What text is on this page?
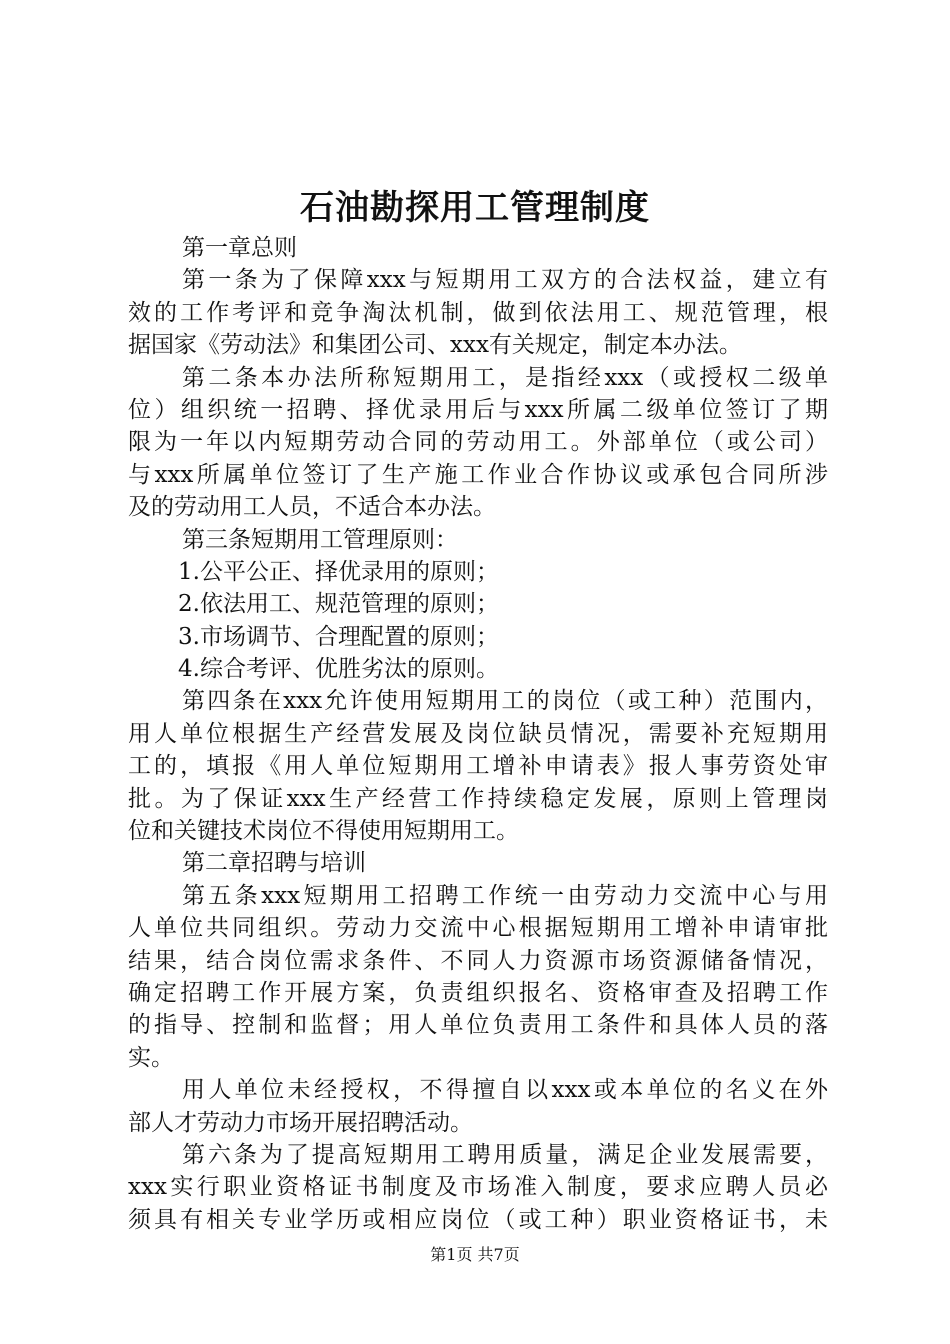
石油勘探用工管理制度
第一章总则
第一条为了保障xxx与短期用工双方的合法权益，建立有
效的工作考评和竞争淘汰机制，做到依法用工、规范管理，根
据国家《劳动法》和集团公司、xxx有关规定，制定本办法。
第二条本办法所称短期用工，是指经xxx（或授权二级单
位）组织统一招聘、择优录用后与xxx所属二级单位签订了期
限为一年以内短期劳动合同的劳动用工。外部单位（或公司）
与xxx所属单位签订了生产施工作业合作协议或承包合同所涉
及的劳动用工人员，不适合本办法。
第三条短期用工管理原则：
1.公平公正、择优录用的原则；
2.依法用工、规范管理的原则；
3.市场调节、合理配置的原则；
4.综合考评、优胜劣汰的原则。
第四条在xxx允许使用短期用工的岗位（或工种）范围内，
用人单位根据生产经营发展及岗位缺员情况，需要补充短期用
工的，填报《用人单位短期用工增补申请表》报人事劳资处审
批。为了保证xxx生产经营工作持续稳定发展，原则上管理岗
位和关键技术岗位不得使用短期用工。
第二章招聘与培训
第五条xxx短期用工招聘工作统一由劳动力交流中心与用
人单位共同组织。劳动力交流中心根据短期用工增补申请审批
结果，结合岗位需求条件、不同人力资源市场资源储备情况，
确定招聘工作开展方案，负责组织报名、资格审查及招聘工作
的指导、控制和监督；用人单位负责用工条件和具体人员的落
实。
用人单位未经授权，不得擅自以xxx或本单位的名义在外
部人才劳动力市场开展招聘活动。
第六条为了提高短期用工聘用质量，满足企业发展需要，
xxx实行职业资格证书制度及市场准入制度，要求应聘人员必
须具有相关专业学历或相应岗位（或工种）职业资格证书，未
第1页 共7页
